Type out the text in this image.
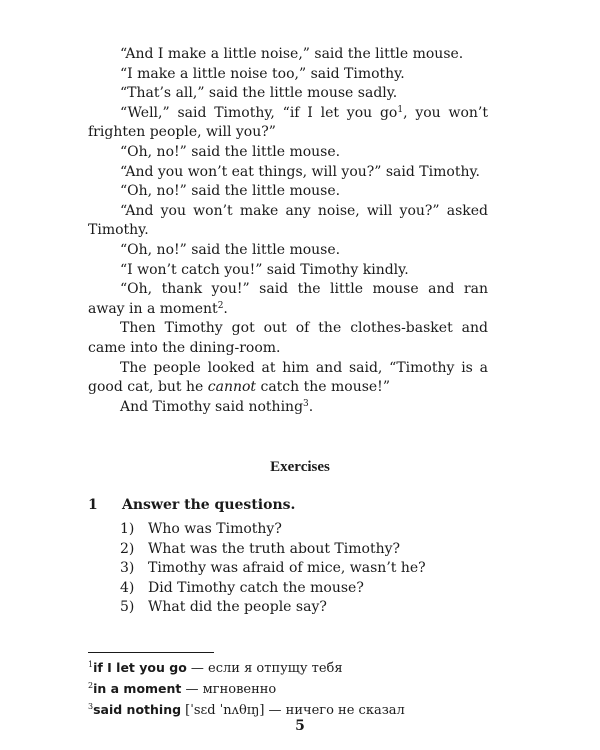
“And I make a little noise,” said the little mouse.

“I make a little noise too,” said Timothy.

“That’s all,” said the little mouse sadly.

“Well,” said Timothy, “if I let you $go^1$, you won’t frighten people, will you?”

“Oh, no!” said the little mouse.

“And you won’t eat things, will you?” said Timothy.

“Oh, no!” said the little mouse.

“And you won’t make any noise, will you?” asked Timothy.

“Oh, no!” said the little mouse.

“I won’t catch you!” said Timothy kindly.

“Oh, thank you!” said the little mouse and ran away in a moment$^2$.

Then Timothy got out of the clothes-basket and came into the dining-room.

The people looked at him and said, “Timothy is a good cat, but he cannot catch the mouse!”

And Timothy said nothing$^3$.

Exercises
1 Answer the questions.
1) Who was Timothy?
2) What was the truth about Timothy?
3) Timothy was afraid of mice, wasn’t he?
4) Did Timothy catch the mouse?
5) What did the people say?
$^1$if I let you go — если я отпущу тебя
$^2$in a moment — мгновенно
$^3$said nothing [ˈsɛd ˈnʌθɪŋ] — ничего не сказал
5
